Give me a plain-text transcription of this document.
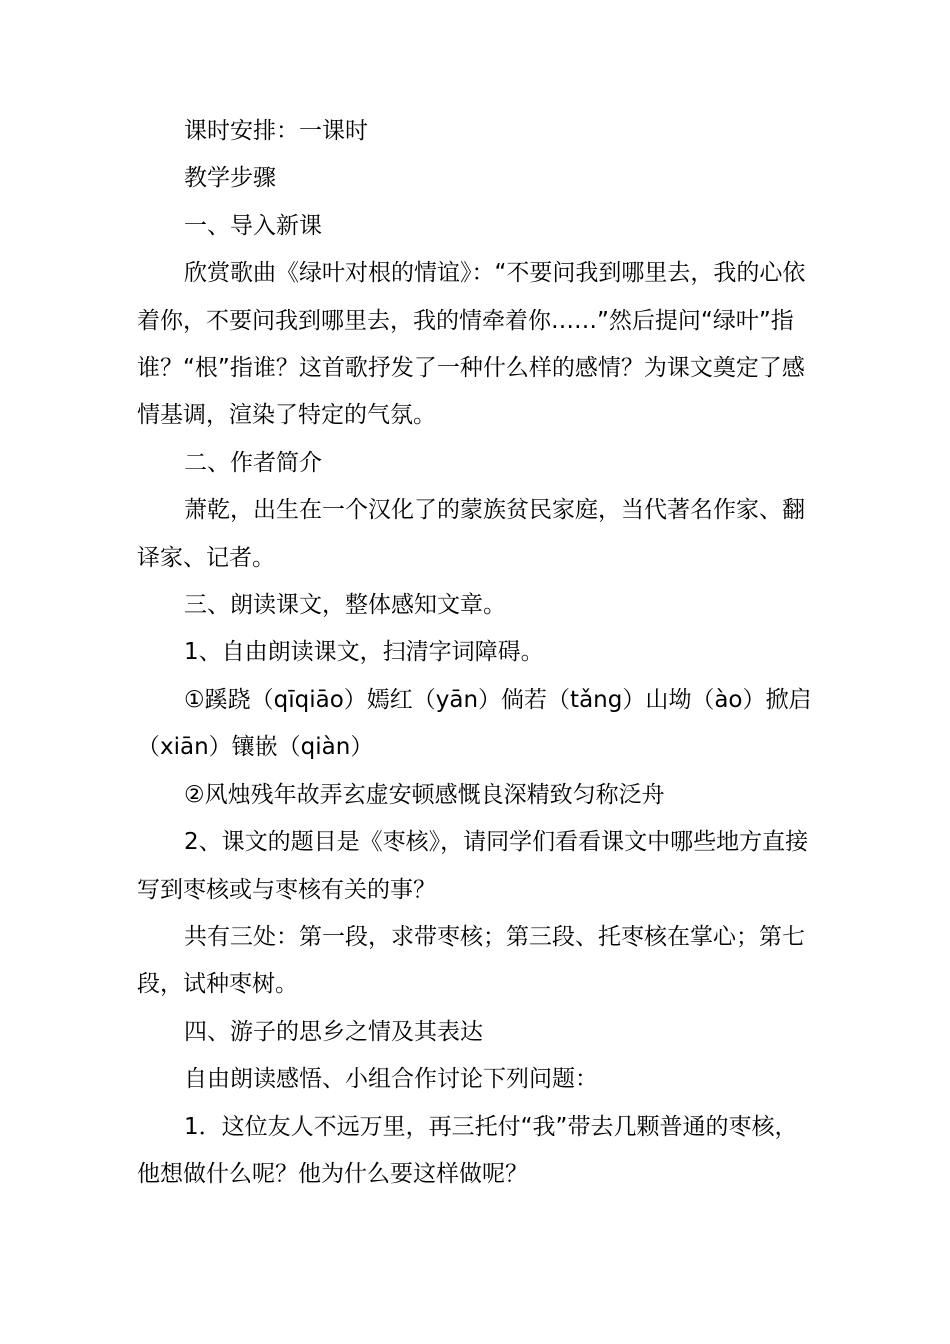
课时安排：一课时

教学步骤

一、导入新课

欣赏歌曲《绿叶对根的情谊》：“不要问我到哪里去，我的心依着你，不要问我到哪里去，我的情牵着你……”然后提问“绿叶”指谁？“根”指谁？这首歌抒发了一种什么样的感情？为课文奠定了感情基调，渲染了特定的气氛。

二、作者简介

萧乾，出生在一个汉化了的蒙族贫民家庭，当代著名作家、翻译家、记者。

三、朗读课文，整体感知文章。

1、自由朗读课文，扫清字词障碍。

①蹊跷（qīqiāo）嫣红（yān）倘若（tǎng）山坳（ào）掀启（xiān）镶嵌（qiàn）

②风烛残年故弄玄虚安顿感慨良深精致匀称泛舟

2、课文的题目是《枣核》，请同学们看看课文中哪些地方直接写到枣核或与枣核有关的事？

共有三处：第一段，求带枣核；第三段、托枣核在掌心；第七段，试种枣树。

四、游子的思乡之情及其表达

自由朗读感悟、小组合作讨论下列问题：

1．这位友人不远万里，再三托付“我”带去几颗普通的枣核，他想做什么呢？他为什么要这样做呢？
